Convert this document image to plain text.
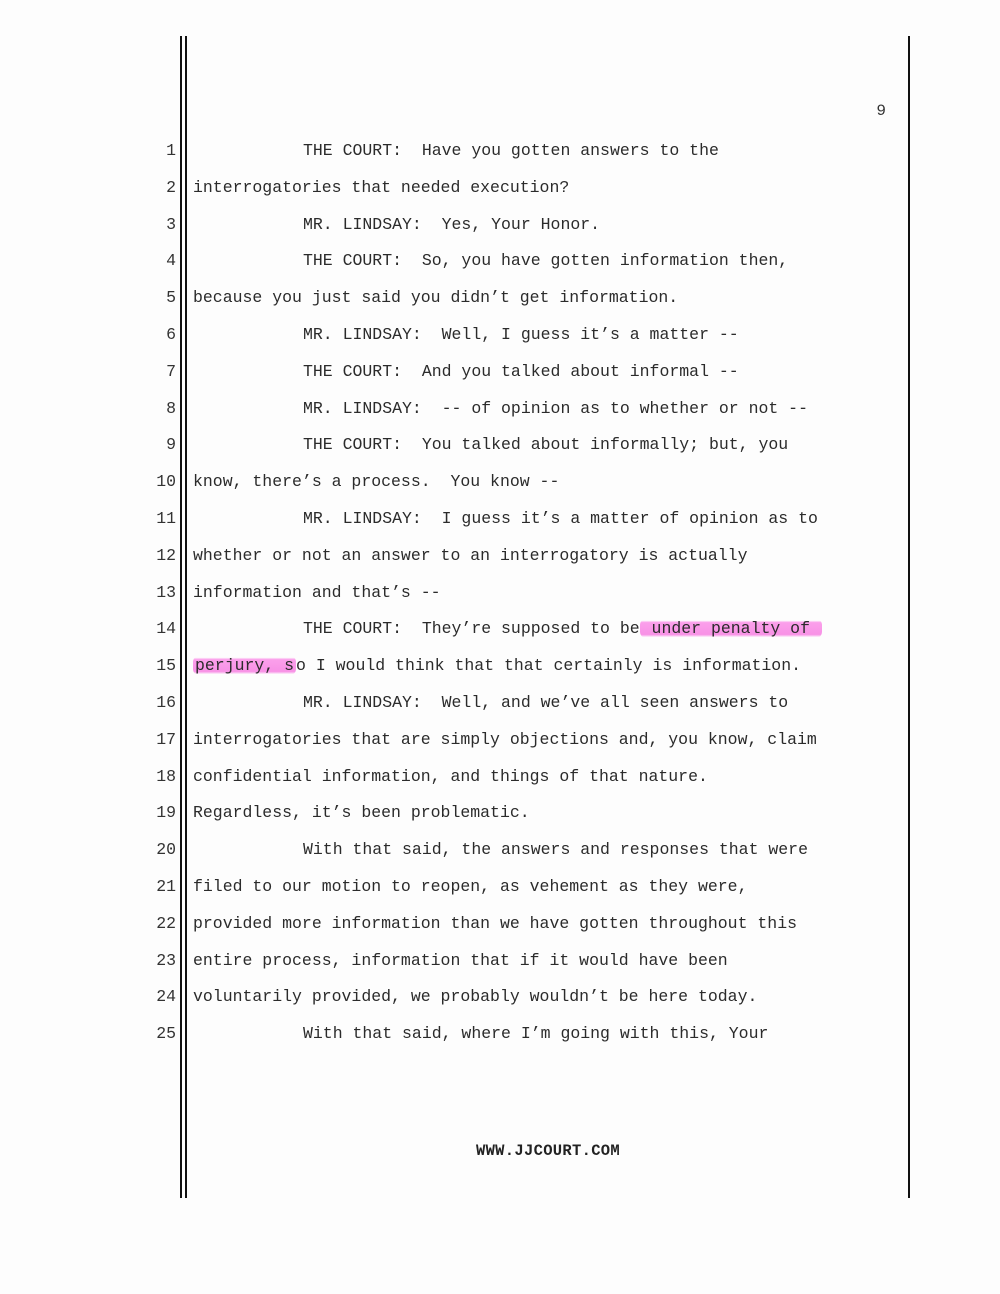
9
1	THE COURT:  Have you gotten answers to the
2 interrogatories that needed execution?
3	MR. LINDSAY:  Yes, Your Honor.
4	THE COURT:  So, you have gotten information then,
5 because you just said you didn’t get information.
6	MR. LINDSAY:  Well, I guess it’s a matter --
7	THE COURT:  And you talked about informal --
8	MR. LINDSAY:  -- of opinion as to whether or not --
9	THE COURT:  You talked about informally; but, you
10 know, there’s a process.  You know --
11	MR. LINDSAY:  I guess it’s a matter of opinion as to
12 whether or not an answer to an interrogatory is actually
13 information and that’s --
14	THE COURT:  They’re supposed to be under penalty of
15 perjury, s o I would think that that certainly is information.
16	MR. LINDSAY:  Well, and we’ve all seen answers to
17 interrogatories that are simply objections and, you know, claim
18 confidential information, and things of that nature.
19 Regardless, it’s been problematic.
20	With that said, the answers and responses that were
21 filed to our motion to reopen, as vehement as they were,
22 provided more information than we have gotten throughout this
23 entire process, information that if it would have been
24 voluntarily provided, we probably wouldn’t be here today.
25	With that said, where I’m going with this, Your
WWW.JJCOURT.COM
